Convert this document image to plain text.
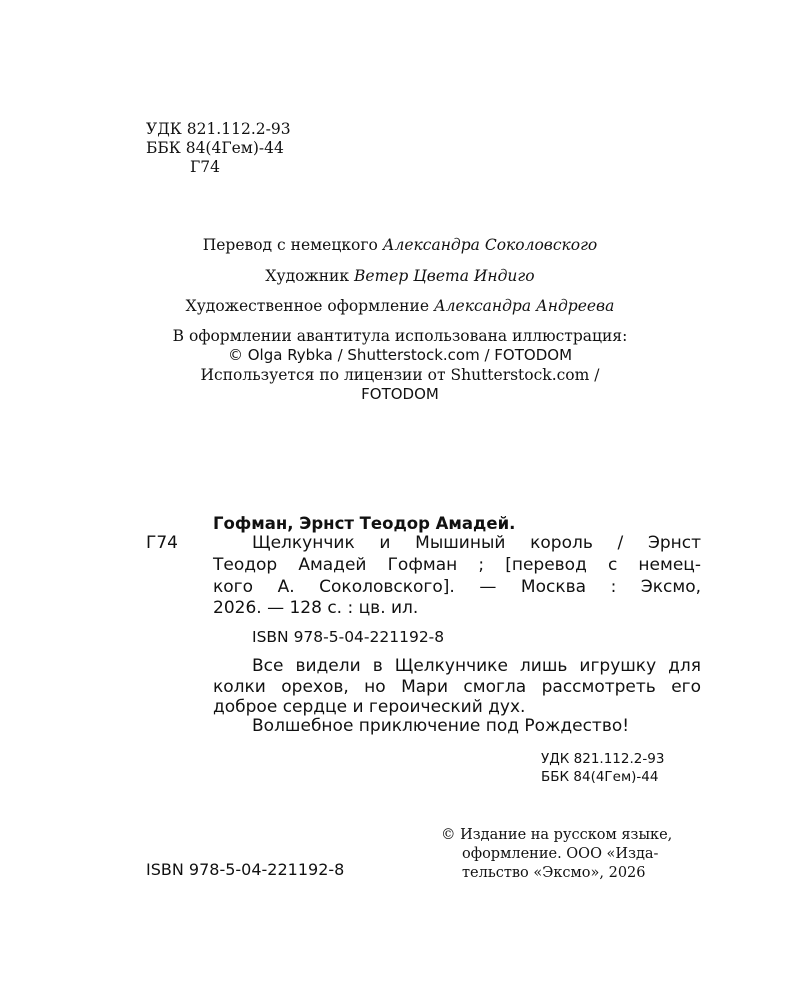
УДК 821.112.2-93
ББК 84(4Гем)-44
Г74
Перевод с немецкого Александра Соколовского
Художник Ветер Цвета Индиго
Художественное оформление Александра Андреева
В оформлении авантитула использована иллюстрация:
© Olga Rybka / Shutterstock.com / FOTODOM
Используется по лицензии от Shutterstock.com /
FOTODOM
Гофман, Эрнст Теодор Амадей.
Г74	Щелкунчик и Мышиный король / Эрнст
Теодор Амадей Гофман ; [перевод с немец-
кого А. Соколовского]. — Москва : Эксмо,
2026. — 128 с. : цв. ил.
ISBN 978-5-04-221192-8
Все видели в Щелкунчике лишь игрушку для
колки орехов, но Мари смогла рассмотреть его
доброе сердце и героический дух.
Волшебное приключение под Рождество!
УДК 821.112.2-93
ББК 84(4Гем)-44
ISBN 978-5-04-221192-8
© Издание на русском языке,
оформление. ООО «Изда-
тельство «Эксмо», 2026
